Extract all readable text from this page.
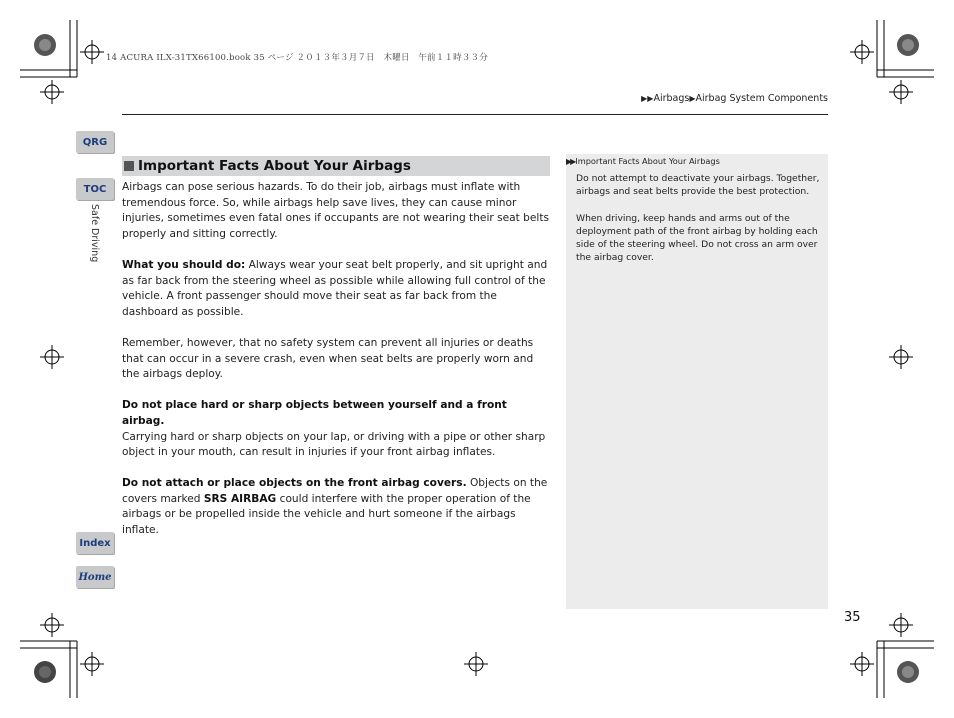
14 ACURA ILX-31TX66100.book 35 ページ ２０１３年３月７日　木曜日　午前１１時３３分
▶▶Airbags▶Airbag System Components
QRG
TOC
Safe Driving
Index
Home
Important Facts About Your Airbags

Airbags can pose serious hazards. To do their job, airbags must inflate with tremendous force. So, while airbags help save lives, they can cause minor injuries, sometimes even fatal ones if occupants are not wearing their seat belts properly and sitting correctly.

What you should do: Always wear your seat belt properly, and sit upright and as far back from the steering wheel as possible while allowing full control of the vehicle. A front passenger should move their seat as far back from the dashboard as possible.

Remember, however, that no safety system can prevent all injuries or deaths that can occur in a severe crash, even when seat belts are properly worn and the airbags deploy.

Do not place hard or sharp objects between yourself and a front airbag.
Carrying hard or sharp objects on your lap, or driving with a pipe or other sharp object in your mouth, can result in injuries if your front airbag inflates.

Do not attach or place objects on the front airbag covers. Objects on the covers marked SRS AIRBAG could interfere with the proper operation of the airbags or be propelled inside the vehicle and hurt someone if the airbags inflate.

▶▶ Important Facts About Your Airbags

Do not attempt to deactivate your airbags. Together, airbags and seat belts provide the best protection.

When driving, keep hands and arms out of the deployment path of the front airbag by holding each side of the steering wheel. Do not cross an arm over the airbag cover.

35
